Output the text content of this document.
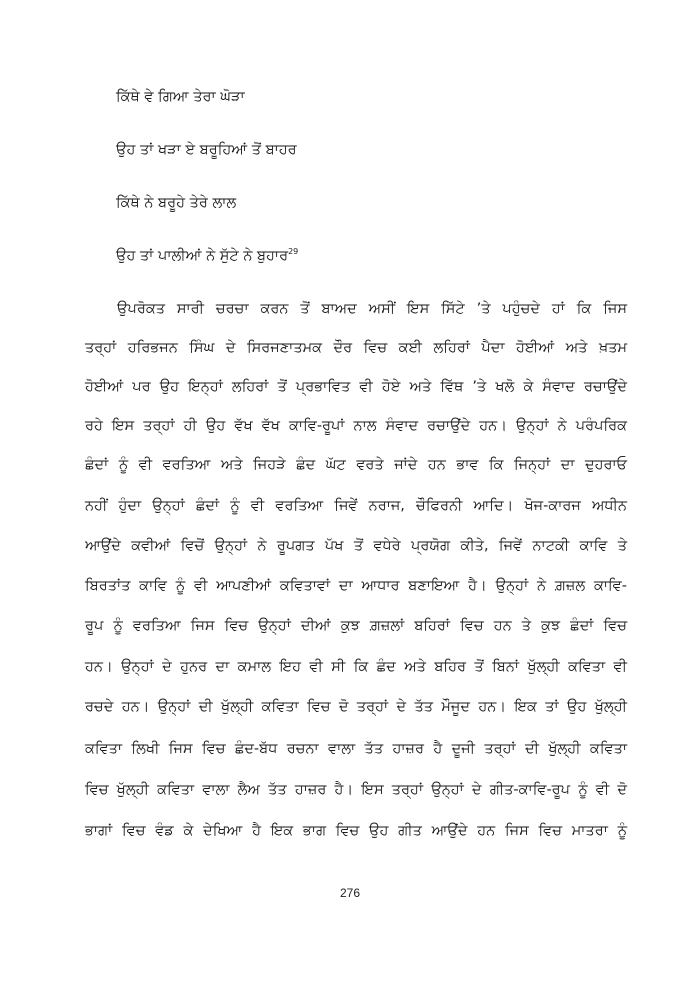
ਕਿੱਥੇ ਵੇ ਗਿਆ ਤੇਰਾ ਘੋੜਾ
ਉਹ ਤਾਂ ਖੜਾ ਏ ਬਰੂਹਿਆਂ ਤੋਂ ਬਾਹਰ
ਕਿੱਥੇ ਨੇ ਬਰੂਹੇ ਤੇਰੇ ਲਾਲ
ਉਹ ਤਾਂ ਪਾਲੀਆਂ ਨੇ ਸੁੱਟੇ ਨੇ ਬੁਹਾਰ$^{29}$
ਉਪਰੋਕਤ ਸਾਰੀ ਚਰਚਾ ਕਰਨ ਤੋਂ ਬਾਅਦ ਅਸੀਂ ਇਸ ਸਿੱਟੇ ’ਤੇ ਪਹੁੰਚਦੇ ਹਾਂ ਕਿ ਜਿਸ
ਤਰ੍ਹਾਂ ਹਰਿਭਜਨ ਸਿੰਘ ਦੇ ਸਿਰਜਣਾਤਮਕ ਦੌਰ ਵਿਚ ਕਈ ਲਹਿਰਾਂ ਪੈਦਾ ਹੋਈਆਂ ਅਤੇ ਖ਼ਤਮ
ਹੋਈਆਂ ਪਰ ਉਹ ਇਨ੍ਹਾਂ ਲਹਿਰਾਂ ਤੋਂ ਪ੍ਰਭਾਵਿਤ ਵੀ ਹੋਏ ਅਤੇ ਵਿੱਥ ’ਤੇ ਖਲੋ ਕੇ ਸੰਵਾਦ ਰਚਾਉਂਦੇ
ਰਹੇ ਇਸ ਤਰ੍ਹਾਂ ਹੀ ਉਹ ਵੱਖ ਵੱਖ ਕਾਵਿ-ਰੂਪਾਂ ਨਾਲ ਸੰਵਾਦ ਰਚਾਉਂਦੇ ਹਨ। ਉਨ੍ਹਾਂ ਨੇ ਪਰੰਪਰਿਕ
ਛੰਦਾਂ ਨੂੰ ਵੀ ਵਰਤਿਆ ਅਤੇ ਜਿਹੜੇ ਛੰਦ ਘੱਟ ਵਰਤੇ ਜਾਂਦੇ ਹਨ ਭਾਵ ਕਿ ਜਿਨ੍ਹਾਂ ਦਾ ਦੁਹਰਾਓ
ਨਹੀਂ ਹੁੰਦਾ ਉਨ੍ਹਾਂ ਛੰਦਾਂ ਨੂੰ ਵੀ ਵਰਤਿਆ ਜਿਵੇਂ ਨਰਾਜ, ਚੌਫਿਰਨੀ ਆਦਿ। ਖੋਜ-ਕਾਰਜ ਅਧੀਨ
ਆਉਂਦੇ ਕਵੀਆਂ ਵਿਚੋਂ ਉਨ੍ਹਾਂ ਨੇ ਰੂਪਗਤ ਪੱਖ ਤੋਂ ਵਧੇਰੇ ਪ੍ਰਯੋਗ ਕੀਤੇ, ਜਿਵੇਂ ਨਾਟਕੀ ਕਾਵਿ ਤੇ
ਬਿਰਤਾਂਤ ਕਾਵਿ ਨੂੰ ਵੀ ਆਪਣੀਆਂ ਕਵਿਤਾਵਾਂ ਦਾ ਆਧਾਰ ਬਣਾਇਆ ਹੈ। ਉਨ੍ਹਾਂ ਨੇ ਗ਼ਜ਼ਲ ਕਾਵਿ-
ਰੂਪ ਨੂੰ ਵਰਤਿਆ ਜਿਸ ਵਿਚ ਉਨ੍ਹਾਂ ਦੀਆਂ ਕੁਝ ਗ਼ਜ਼ਲਾਂ ਬਹਿਰਾਂ ਵਿਚ ਹਨ ਤੇ ਕੁਝ ਛੰਦਾਂ ਵਿਚ
ਹਨ। ਉਨ੍ਹਾਂ ਦੇ ਹੁਨਰ ਦਾ ਕਮਾਲ ਇਹ ਵੀ ਸੀ ਕਿ ਛੰਦ ਅਤੇ ਬਹਿਰ ਤੋਂ ਬਿਨਾਂ ਖੁੱਲ੍ਹੀ ਕਵਿਤਾ ਵੀ
ਰਚਦੇ ਹਨ। ਉਨ੍ਹਾਂ ਦੀ ਖੁੱਲ੍ਹੀ ਕਵਿਤਾ ਵਿਚ ਦੋ ਤਰ੍ਹਾਂ ਦੇ ਤੱਤ ਮੌਜੂਦ ਹਨ। ਇਕ ਤਾਂ ਉਹ ਖੁੱਲ੍ਹੀ
ਕਵਿਤਾ ਲਿਖੀ ਜਿਸ ਵਿਚ ਛੰਦ-ਬੱਧ ਰਚਨਾ ਵਾਲਾ ਤੱਤ ਹਾਜ਼ਰ ਹੈ ਦੂਜੀ ਤਰ੍ਹਾਂ ਦੀ ਖੁੱਲ੍ਹੀ ਕਵਿਤਾ
ਵਿਚ ਖੁੱਲ੍ਹੀ ਕਵਿਤਾ ਵਾਲਾ ਲੈਅ ਤੱਤ ਹਾਜ਼ਰ ਹੈ। ਇਸ ਤਰ੍ਹਾਂ ਉਨ੍ਹਾਂ ਦੇ ਗੀਤ-ਕਾਵਿ-ਰੂਪ ਨੂੰ ਵੀ ਦੋ
ਭਾਗਾਂ ਵਿਚ ਵੰਡ ਕੇ ਦੇਖਿਆ ਹੈ ਇਕ ਭਾਗ ਵਿਚ ਉਹ ਗੀਤ ਆਉਂਦੇ ਹਨ ਜਿਸ ਵਿਚ ਮਾਤਰਾ ਨੂੰ
276
